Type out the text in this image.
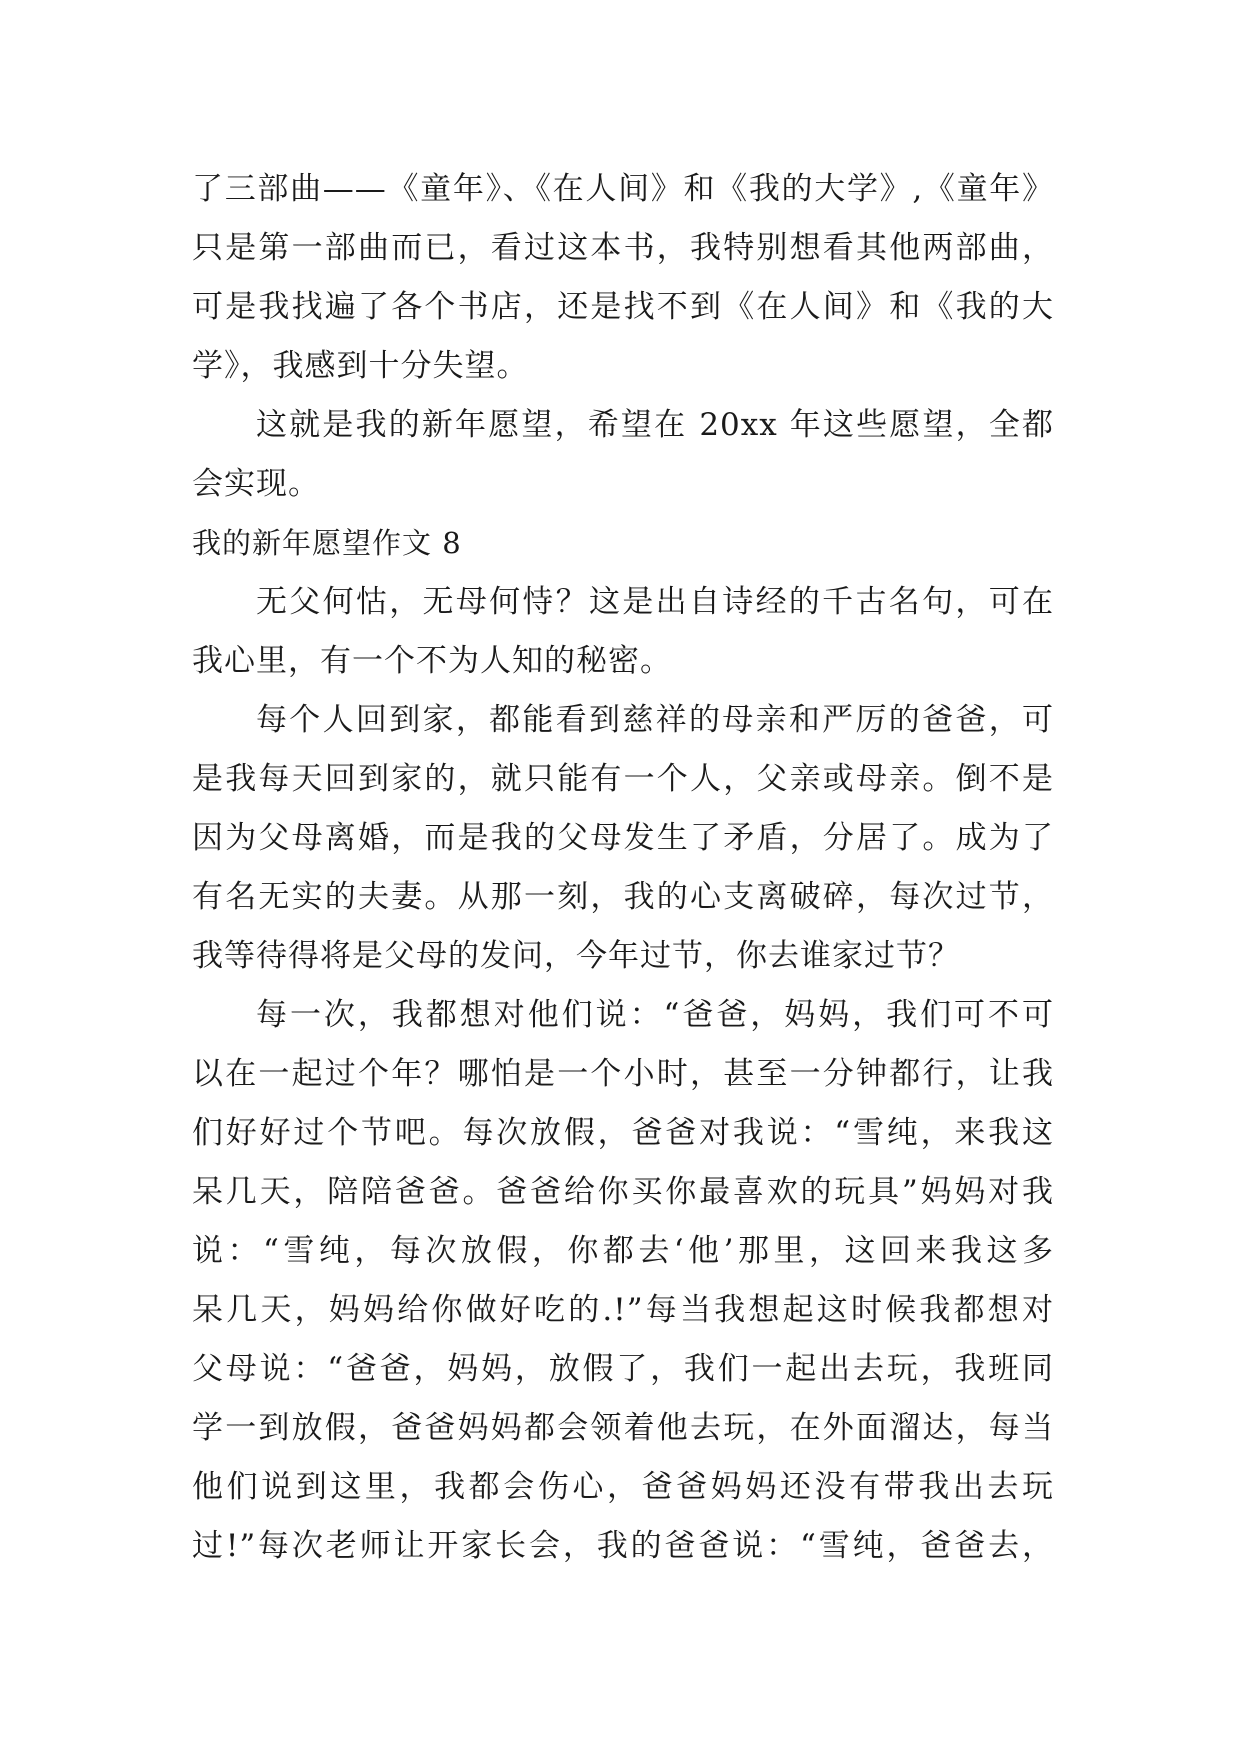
了三部曲——《童年》、《在人间》和《我的大学》,《童年》
只是第一部曲而已，看过这本书，我特别想看其他两部曲，
可是我找遍了各个书店，还是找不到《在人间》和《我的大
学》，我感到十分失望。
这就是我的新年愿望，希望在 20xx 年这些愿望，全都
会实现。
我的新年愿望作文 8
无父何怙，无母何恃？这是出自诗经的千古名句，可在
我心里，有一个不为人知的秘密。
每个人回到家，都能看到慈祥的母亲和严厉的爸爸，可
是我每天回到家的，就只能有一个人，父亲或母亲。倒不是
因为父母离婚，而是我的父母发生了矛盾，分居了。成为了
有名无实的夫妻。从那一刻，我的心支离破碎，每次过节，
我等待得将是父母的发问，今年过节，你去谁家过节？
每一次，我都想对他们说：“爸爸，妈妈，我们可不可
以在一起过个年？哪怕是一个小时，甚至一分钟都行，让我
们好好过个节吧。每次放假，爸爸对我说：“雪纯，来我这
呆几天，陪陪爸爸。爸爸给你买你最喜欢的玩具”妈妈对我
说：“雪纯，每次放假，你都去‘他’那里，这回来我这多
呆几天，妈妈给你做好吃的.!”每当我想起这时候我都想对
父母说：“爸爸，妈妈，放假了，我们一起出去玩，我班同
学一到放假，爸爸妈妈都会领着他去玩，在外面溜达，每当
他们说到这里，我都会伤心，爸爸妈妈还没有带我出去玩
过!”每次老师让开家长会，我的爸爸说：“雪纯，爸爸去，
